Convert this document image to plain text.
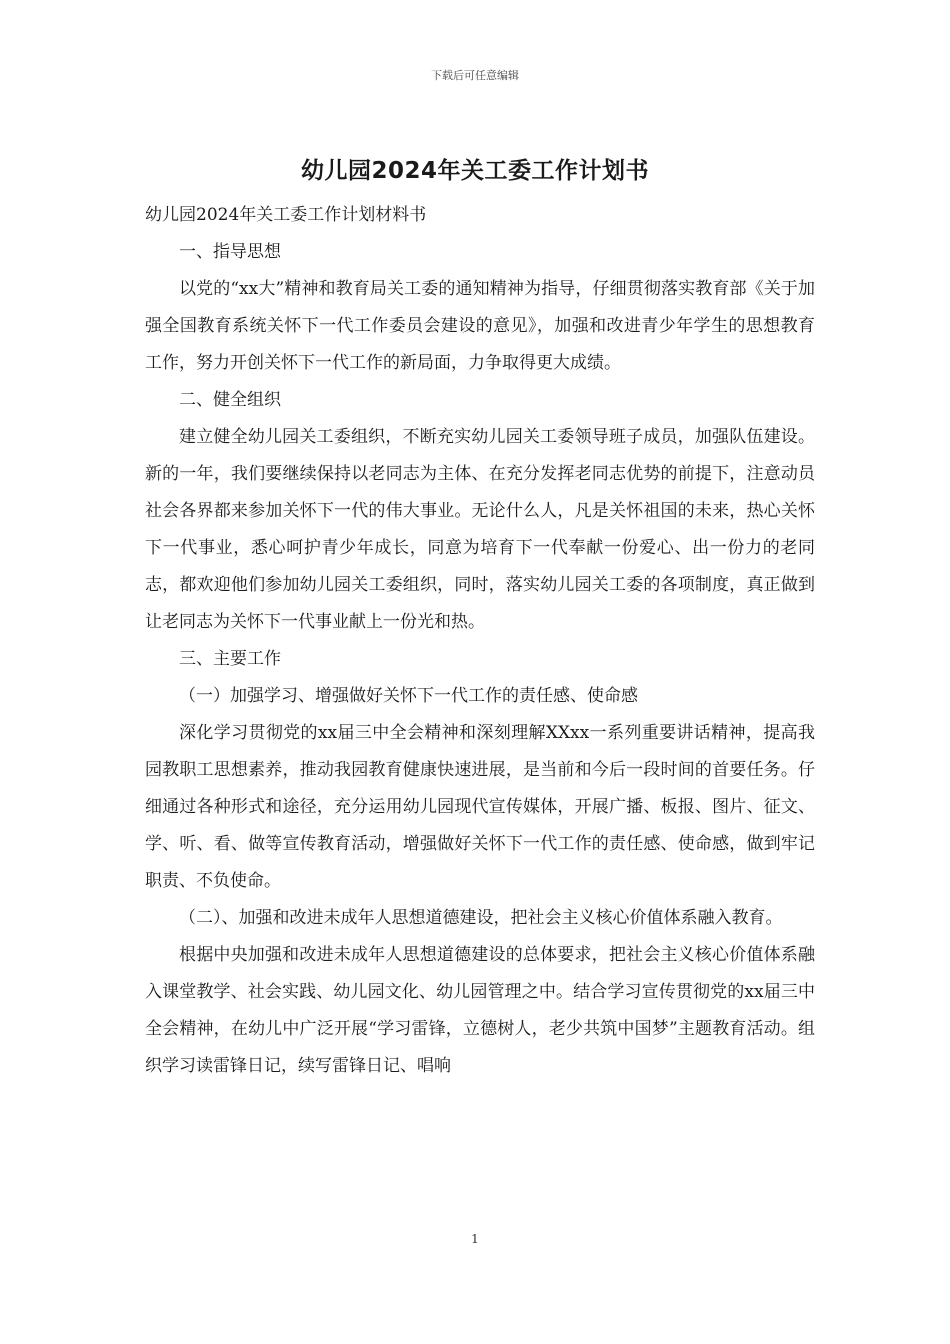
下载后可任意编辑
幼儿园2024年关工委工作计划书

幼儿园2024年关工委工作计划材料书

一、指导思想

以党的“xx大”精神和教育局关工委的通知精神为指导，仔细贯彻落实教育部《关于加强全国教育系统关怀下一代工作委员会建设的意见》，加强和改进青少年学生的思想教育工作，努力开创关怀下一代工作的新局面，力争取得更大成绩。

二、健全组织

建立健全幼儿园关工委组织，不断充实幼儿园关工委领导班子成员，加强队伍建设。新的一年，我们要继续保持以老同志为主体、在充分发挥老同志优势的前提下，注意动员社会各界都来参加关怀下一代的伟大事业。无论什么人，凡是关怀祖国的未来，热心关怀下一代事业，悉心呵护青少年成长，同意为培育下一代奉献一份爱心、出一份力的老同志，都欢迎他们参加幼儿园关工委组织，同时，落实幼儿园关工委的各项制度，真正做到让老同志为关怀下一代事业献上一份光和热。

三、主要工作

（一）加强学习、增强做好关怀下一代工作的责任感、使命感

深化学习贯彻党的xx届三中全会精神和深刻理解XXxx一系列重要讲话精神，提高我园教职工思想素养，推动我园教育健康快速进展，是当前和今后一段时间的首要任务。仔细通过各种形式和途径，充分运用幼儿园现代宣传媒体，开展广播、板报、图片、征文、学、听、看、做等宣传教育活动，增强做好关怀下一代工作的责任感、使命感，做到牢记职责、不负使命。

（二）、加强和改进未成年人思想道德建设，把社会主义核心价值体系融入教育。

根据中央加强和改进未成年人思想道德建设的总体要求，把社会主义核心价值体系融入课堂教学、社会实践、幼儿园文化、幼儿园管理之中。结合学习宣传贯彻党的xx届三中全会精神，在幼儿中广泛开展“学习雷锋，立德树人，老少共筑中国梦”主题教育活动。组织学习读雷锋日记，续写雷锋日记、唱响

1
